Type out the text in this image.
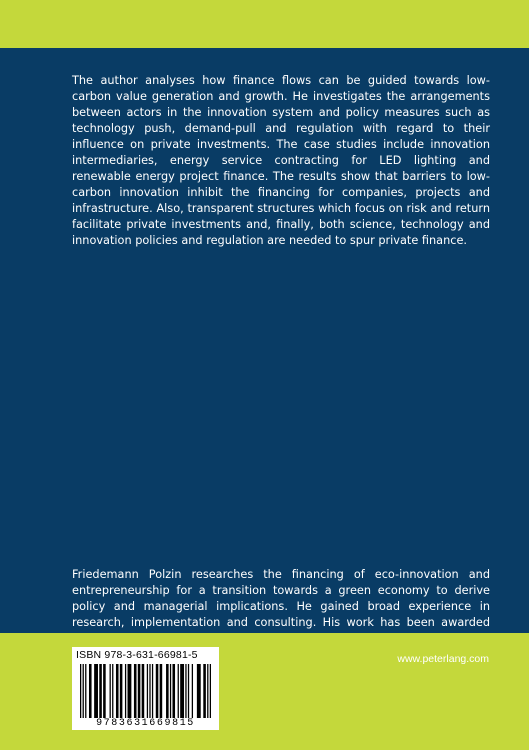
The author analyses how finance flows can be guided towards low-carbon value generation and growth. He investigates the arrangements between actors in the innovation system and policy measures such as technology push, demand-pull and regulation with regard to their influence on private investments. The case studies include innovation intermediaries, energy service contracting for LED lighting and renewable energy project finance. The results show that barriers to low-carbon innovation inhibit the financing for companies, projects and infrastructure. Also, transparent structures which focus on risk and return facilitate private investments and, finally, both science, technology and innovation policies and regulation are needed to spur private finance.

Friedemann Polzin researches the financing of eco-innovation and entrepreneurship for a transition towards a green economy to derive policy and managerial implications. He gained broad experience in research, implementation and consulting. His work has been awarded

ISBN 978-3-631-66981-5
9783631669815
www.peterlang.com
